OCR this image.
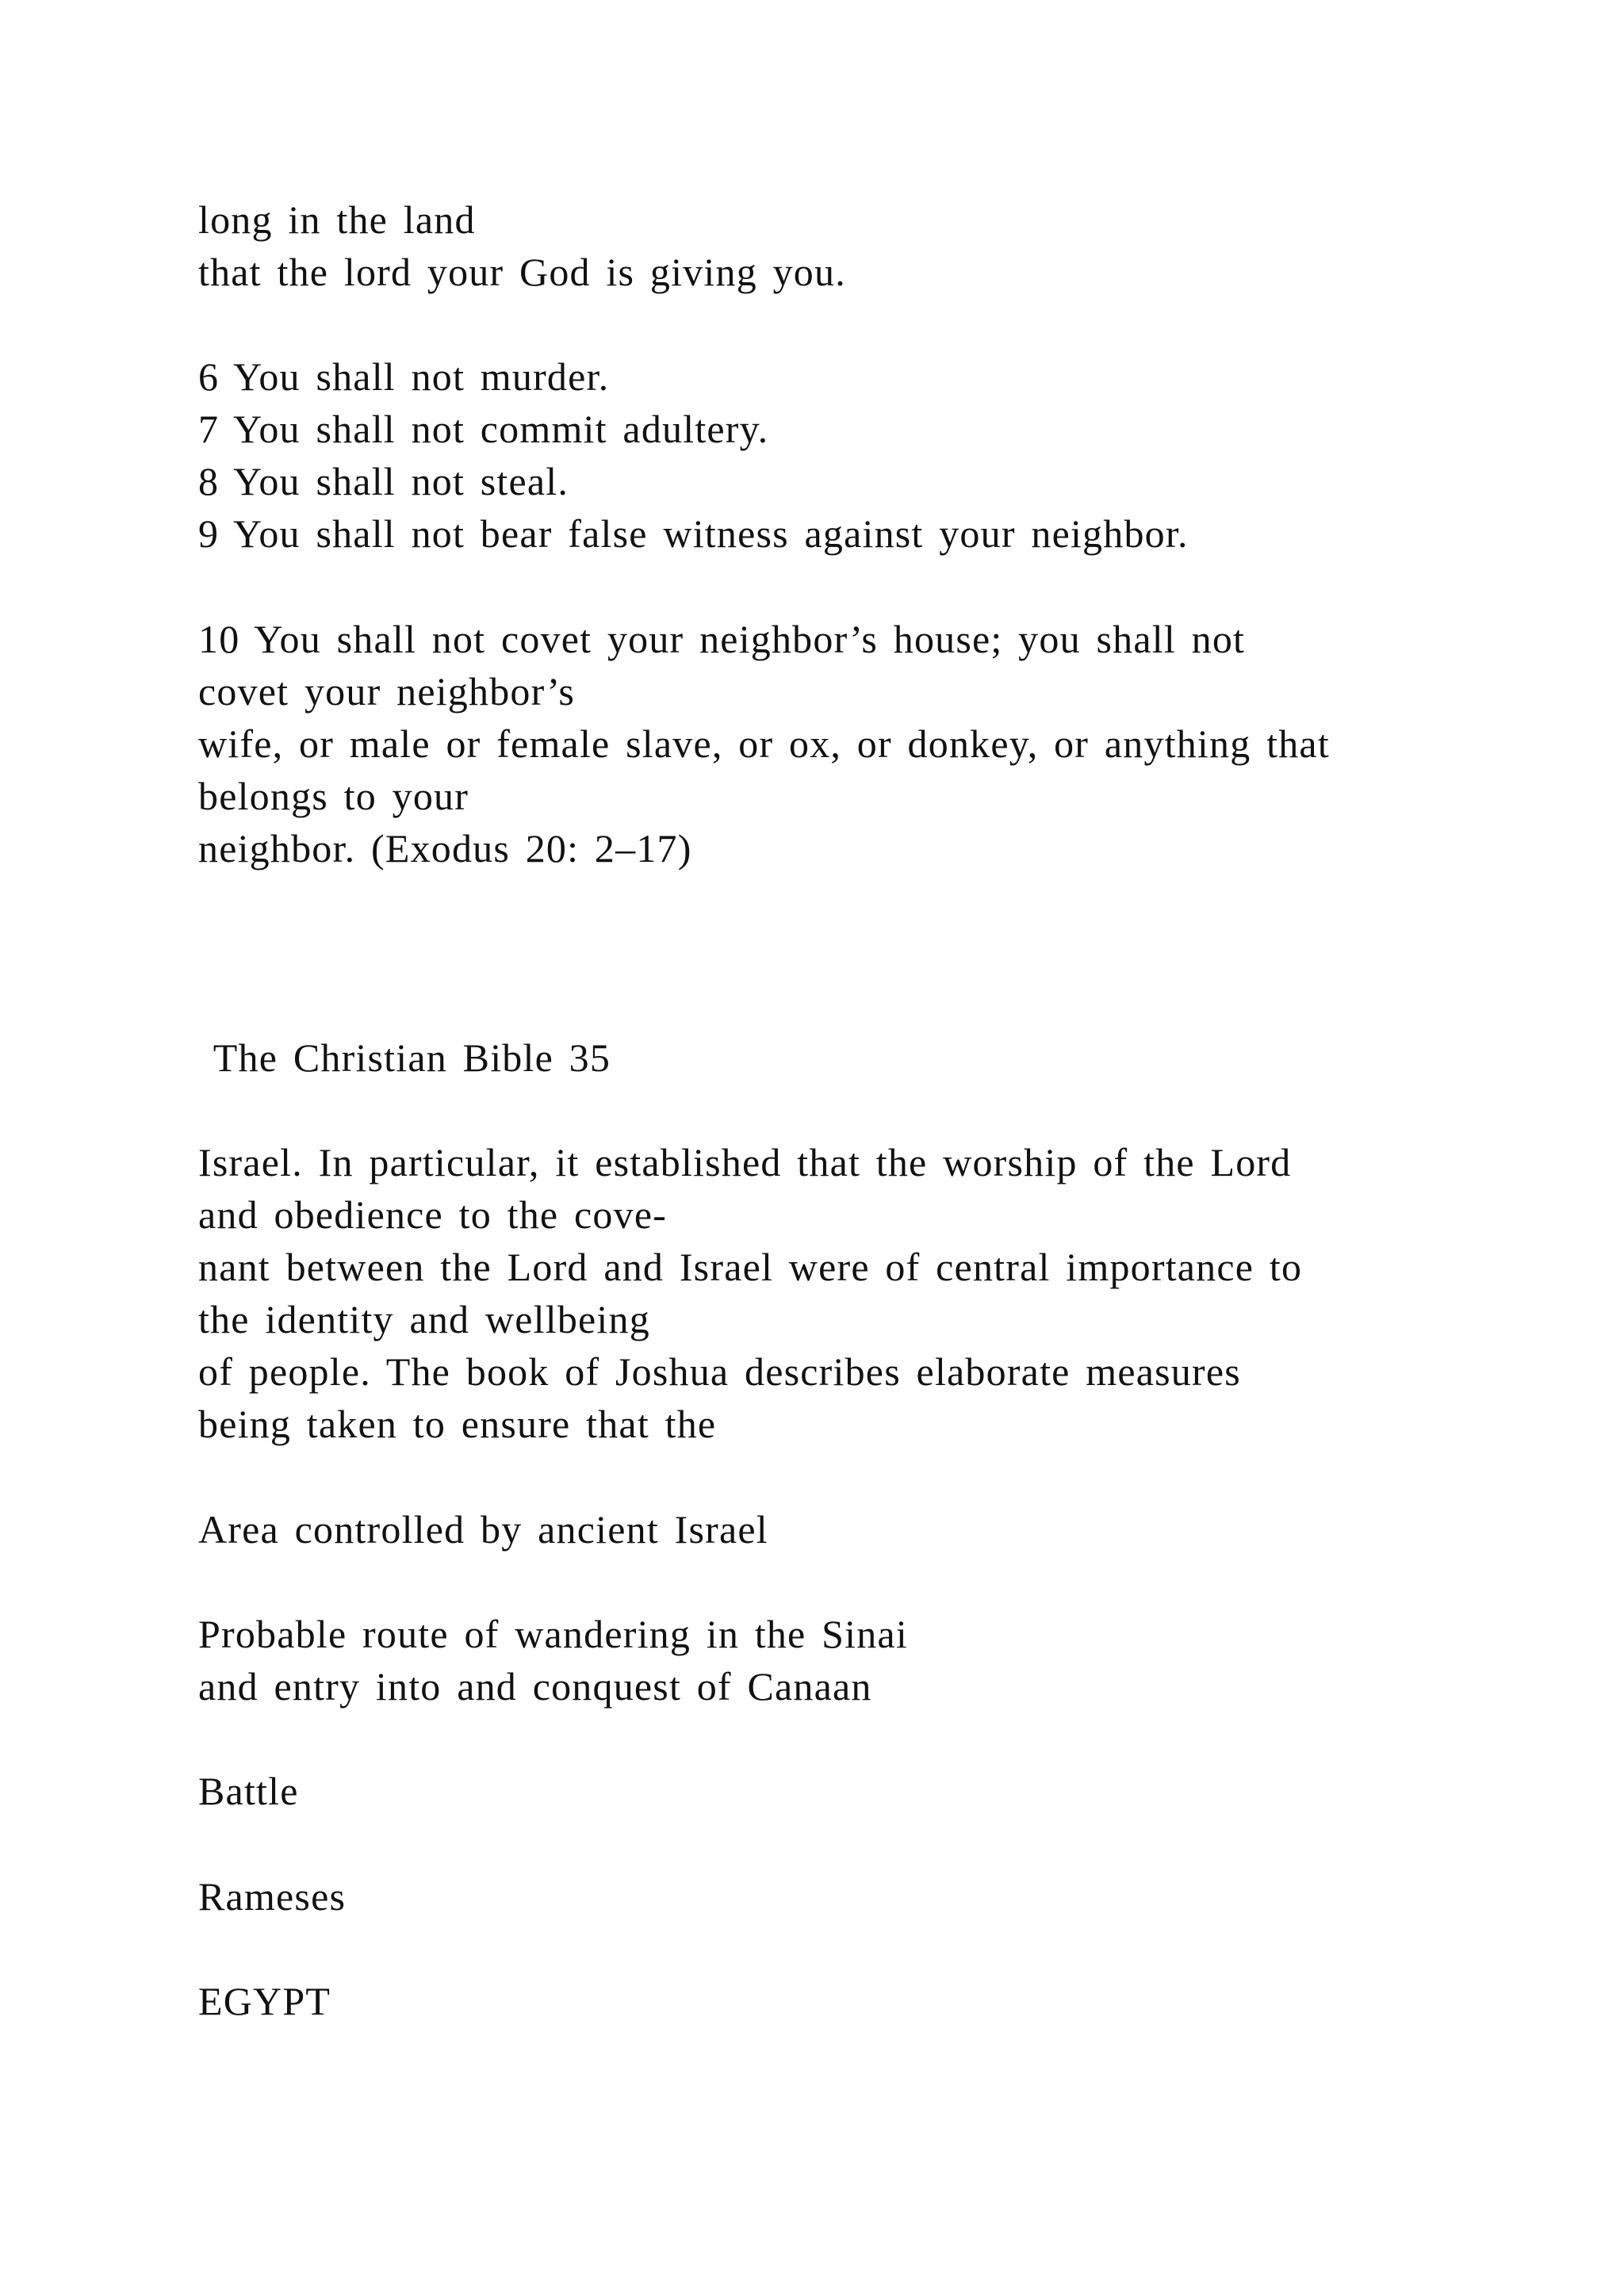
long in the land

that the lord your God is giving you.

6 You shall not murder.

7 You shall not commit adultery.

8 You shall not steal.

9 You shall not bear false witness against your neighbor.

10 You shall not covet your neighbor’s house; you shall not

covet your neighbor’s

wife, or male or female slave, or ox, or donkey, or anything that

belongs to your

neighbor. (Exodus 20: 2–17)

The Christian Bible 35

Israel. In particular, it established that the worship of the Lord

and obedience to the cove-

nant between the Lord and Israel were of central importance to

the identity and wellbeing

of people. The book of Joshua describes elaborate measures

being taken to ensure that the

Area controlled by ancient Israel

Probable route of wandering in the Sinai

and entry into and conquest of Canaan

Battle

Rameses

EGYPT
